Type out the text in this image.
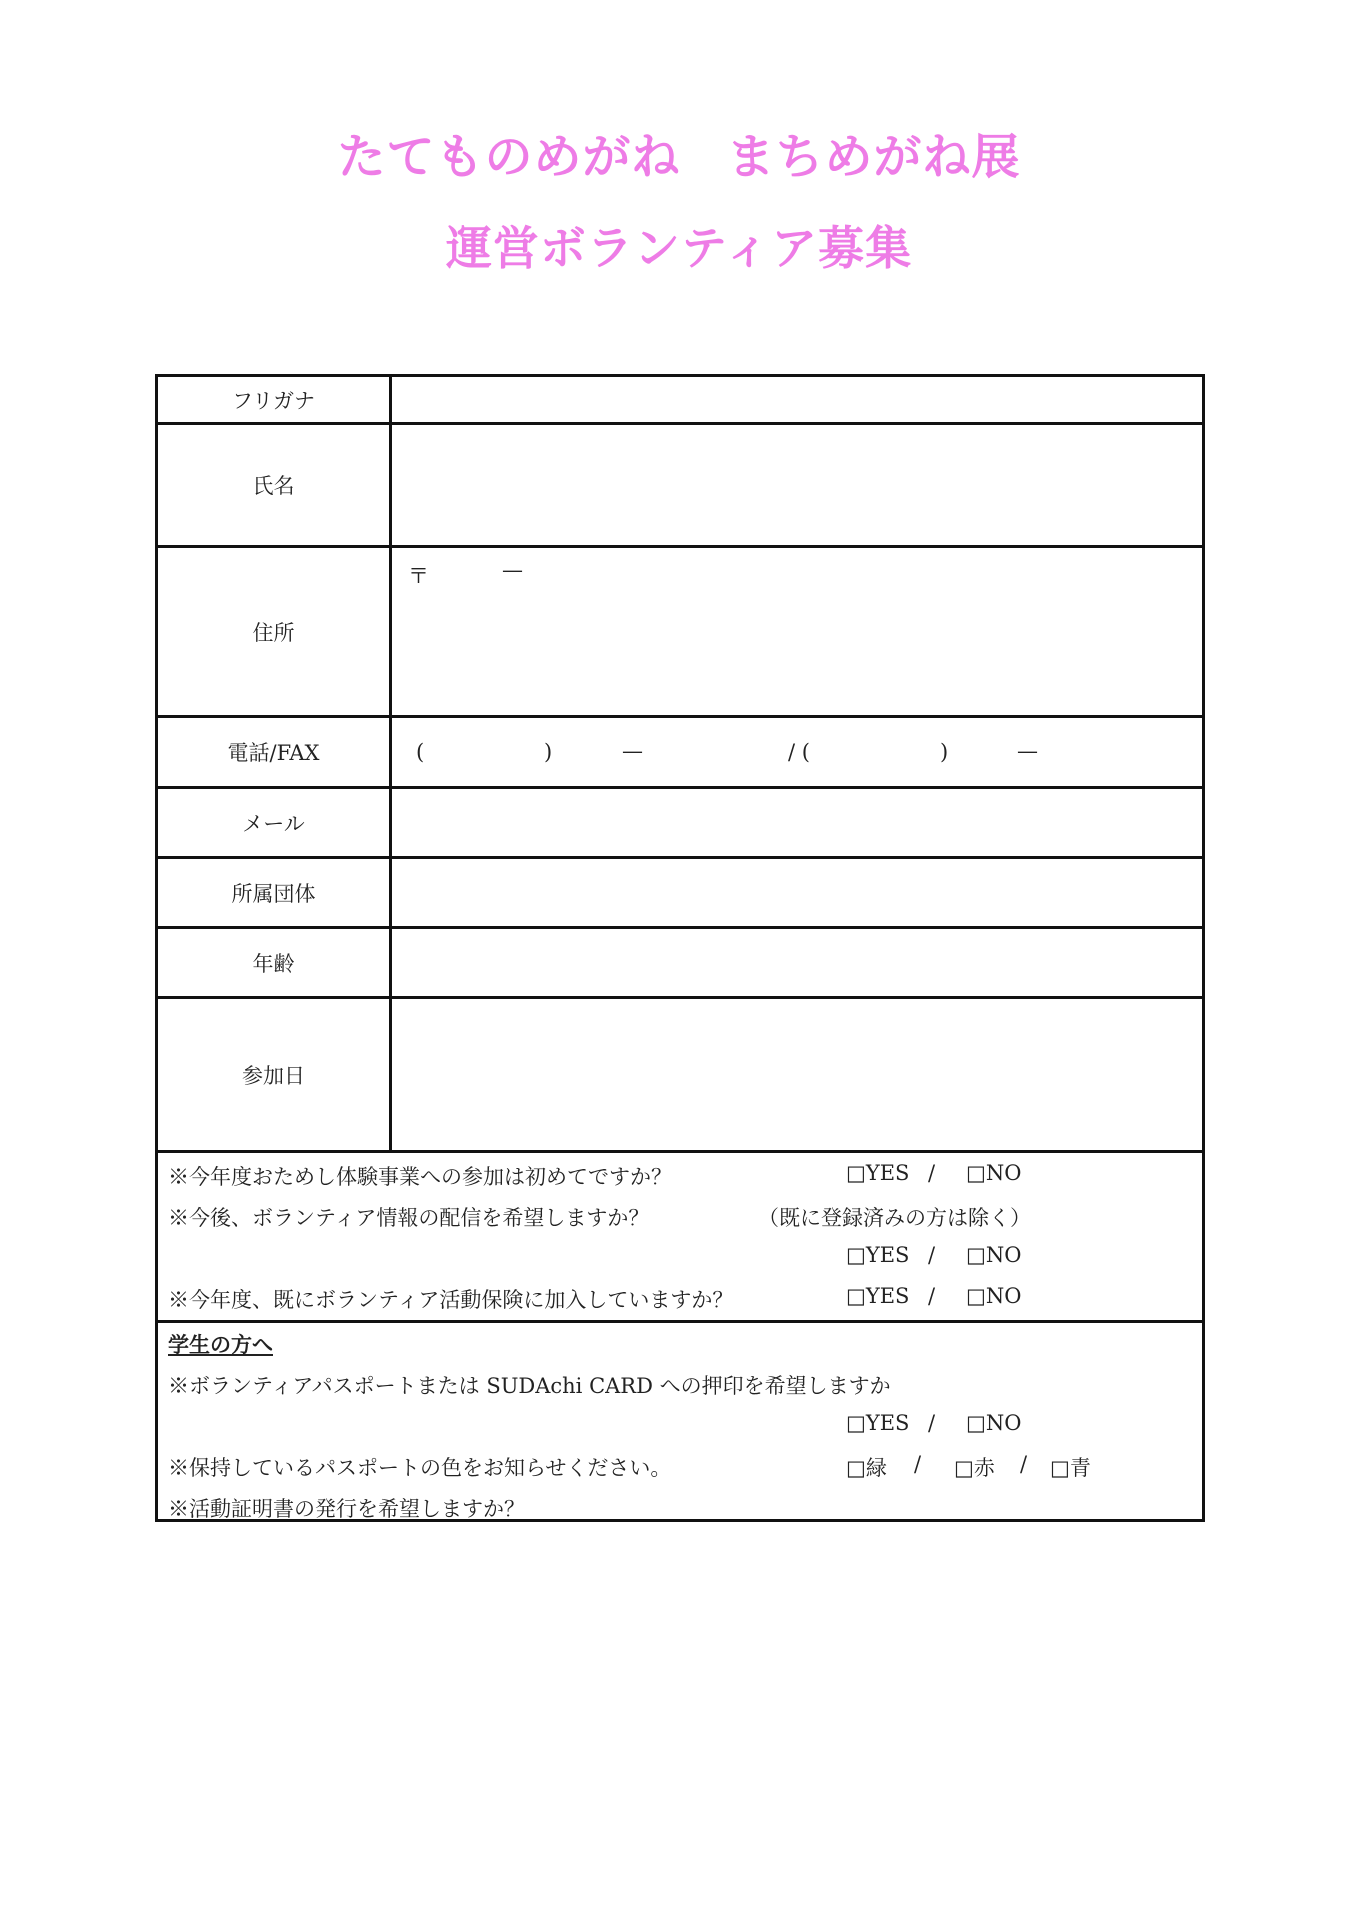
たてものめがね まちめがね展
運営ボランティア募集
フリガナ
氏名
住所
〒	—
電話/FAX	(	)	—	/ (	)	—
メール
所属団体
年齢
参加日
※今年度おためし体験事業への参加は初めてですか？	□YES / □NO
※今後、ボランティア情報の配信を希望しますか？	（既に登録済みの方は除く）
□YES / □NO
※今年度、既にボランティア活動保険に加入していますか？	□YES / □NO
学生の方へ
※ボランティアパスポートまたは SUDAchi CARD への押印を希望しますか
□YES / □NO
※保持しているパスポートの色をお知らせください。	□緑 / □赤 / □青
※活動証明書の発行を希望しますか？
